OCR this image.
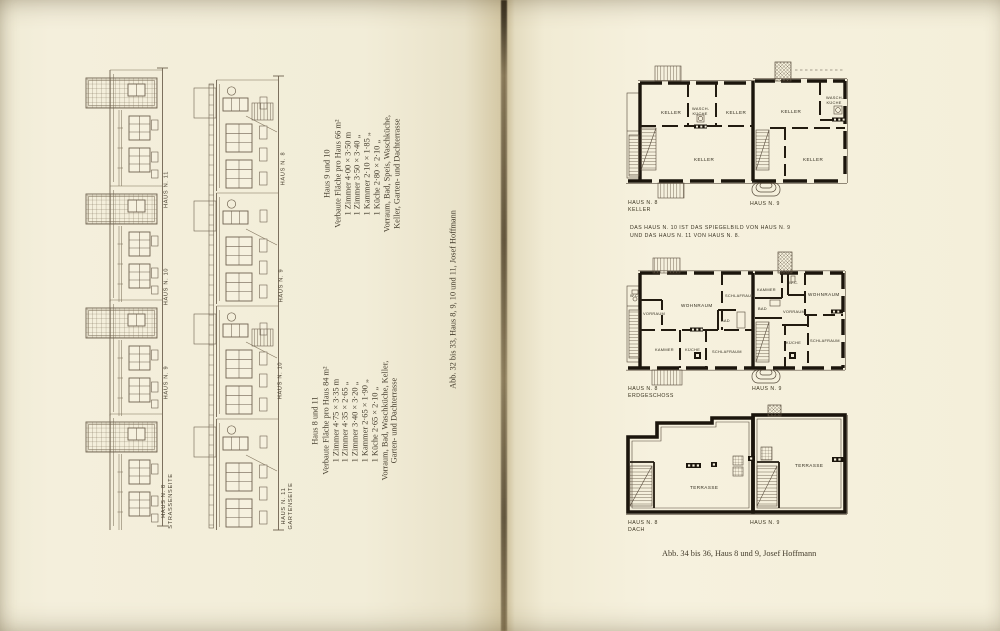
HAUS N. 11
HAUS N. 10
HAUS N. 9
HAUS N. 8 STRASSENSEITE
HAUS N. 8
HAUS N. 9
HAUS N. 10
HAUS N. 11 GARTENSEITE
Haus 9 und 10 Verbaute Fläche pro Haus 66 m² 1 Zimmer 4·00 × 3·50 m 1 Zimmer 3·50 × 3·40 „ 1 Kammer 2·10 × 1·85 „ 1 Küche 2·80 × 2·10 „ Vorraum, Bad, Speis, Waschküche, Keller, Garten- und Dachterrasse
Haus 8 und 11 Verbaute Fläche pro Haus 84 m² 1 Zimmer 4·75 × 3·35 m 1 Zimmer 4·35 × 2·65 „ 1 Zimmer 3·40 × 3·20 „ 1 Kammer 2·65 × 1·90 „ 1 Küche 2·65 × 2·10 „ Vorraum, Bad, Waschküche, Keller, Garten- und Dachterrasse
Abb. 32 bis 33, Haus 8, 9, 10 und 11, Josef Hoffmann
KELLER
WASCH-
KÜCHE	KELLER	KELLER
WASCH-
KÜCHE
KELLER	KELLER
HAUS N. 8
KELLER
HAUS N. 9
DAS HAUS N. 10 IST DAS SPIEGELBILD VON HAUS N. 9
UND DAS HAUS N. 11 VON HAUS N. 8.
W.C.
VORRAUM
WOHNRAUM
SCHLAFRAUM
BAD
KAMMER	KÜCHE	SCHLAFRAUM
KAMMER
W.C.
WOHNRAUM
BAD
VORRAUM
KÜCHE SCHLAFRAUM
HAUS N. 8
ERDGESCHOSS
HAUS N. 9
TERRASSE
TERRASSE
HAUS N. 8
DACH
HAUS N. 9
Abb. 34 bis 36, Haus 8 und 9, Josef Hoffmann
